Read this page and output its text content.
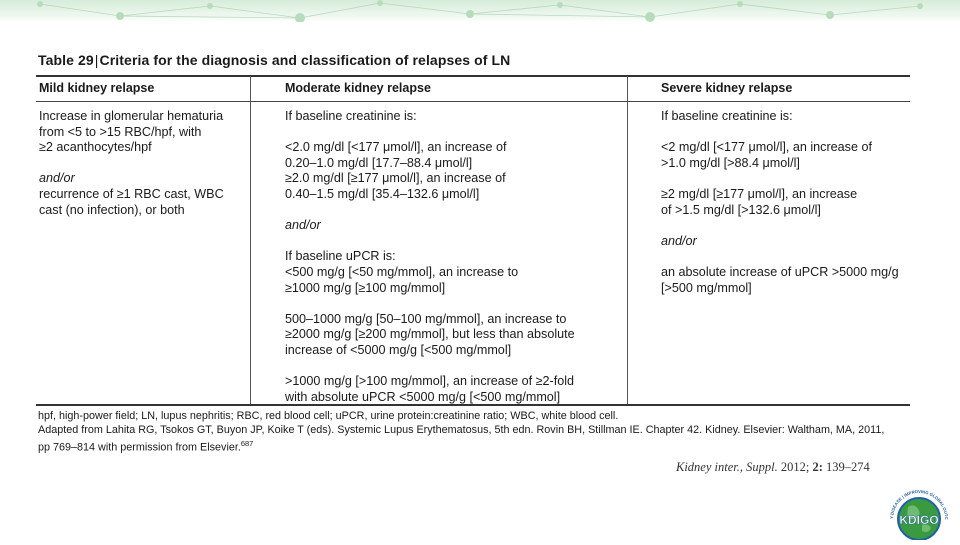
Table 29|Criteria for the diagnosis and classification of relapses of LN
Mild kidney relapse	Moderate kidney relapse	Severe kidney relapse
Increase in glomerular hematuria
from <5 to >15 RBC/hpf, with
≥2 acanthocytes/hpf
and/or
recurrence of ≥1 RBC cast, WBC
cast (no infection), or both
If baseline creatinine is:
<2.0 mg/dl [<177 μmol/l], an increase of
0.20–1.0 mg/dl [17.7–88.4 μmol/l]
≥2.0 mg/dl [≥177 μmol/l], an increase of
0.40–1.5 mg/dl [35.4–132.6 μmol/l]
and/or
If baseline uPCR is:
<500 mg/g [<50 mg/mmol], an increase to
≥1000 mg/g [≥100 mg/mmol]
500–1000 mg/g [50–100 mg/mmol], an increase to
≥2000 mg/g [≥200 mg/mmol], but less than absolute
increase of <5000 mg/g [<500 mg/mmol]
>1000 mg/g [>100 mg/mmol], an increase of ≥2-fold
with absolute uPCR <5000 mg/g [<500 mg/mmol]
If baseline creatinine is:
<2 mg/dl [<177 μmol/l], an increase of
>1.0 mg/dl [>88.4 μmol/l]
≥2 mg/dl [≥177 μmol/l], an increase
of >1.5 mg/dl [>132.6 μmol/l]
and/or
an absolute increase of uPCR >5000 mg/g
[>500 mg/mmol]
hpf, high-power field; LN, lupus nephritis; RBC, red blood cell; uPCR, urine protein:creatinine ratio; WBC, white blood cell.
Adapted from Lahita RG, Tsokos GT, Buyon JP, Koike T (eds). Systemic Lupus Erythematosus, 5th edn. Rovin BH, Stillman IE. Chapter 42. Kidney. Elsevier: Waltham, MA, 2011,
pp 769–814 with permission from Elsevier.$^{687}$
Kidney inter., Suppl. 2012; 2: 139–274
KDIGO
Y DISEASE | IMPROVING GLOBAL OUTC
